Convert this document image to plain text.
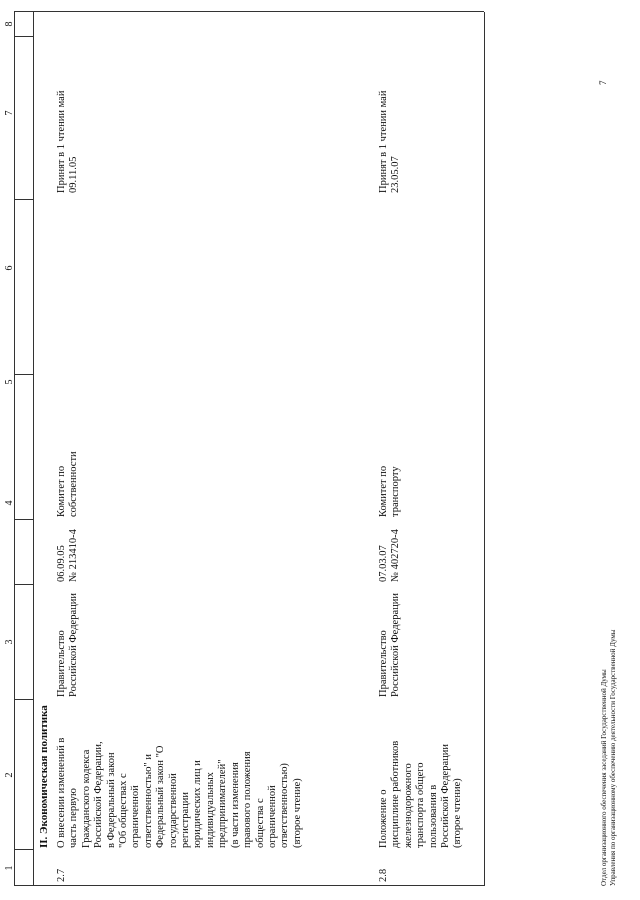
1
2
3
4
5
6
7
8
II. Экономическая политика
2.7
О внесении изменений в
часть первую
Гражданского кодекса
Российской Федерации,
в Федеральный закон
"Об обществах с
ограниченной
ответственностью" и
Федеральный закон "О
государственной
регистрации
юридических лиц и
индивидуальных
предпринимателей"
(в части изменения
правового положения
общества с
ограниченной
ответственностью)
(второе чтение)
Правительство
Российской Федерации
06.09.05
№ 213410-4
Комитет по
собственности
Принят в 1 чтении май
09.11.05
2.8
Положение о
дисциплине работников
железнодорожного
транспорта общего
пользования в
Российской Федерации
(второе чтение)
Правительство
Российской Федерации
07.03.07
№ 402720-4
Комитет по
транспорту
Принят в 1 чтении май
23.05.07
Отдел организационного обеспечения заседаний Государственной Думы Управления по организационному обеспечению деятельности Государственной Думы
7
